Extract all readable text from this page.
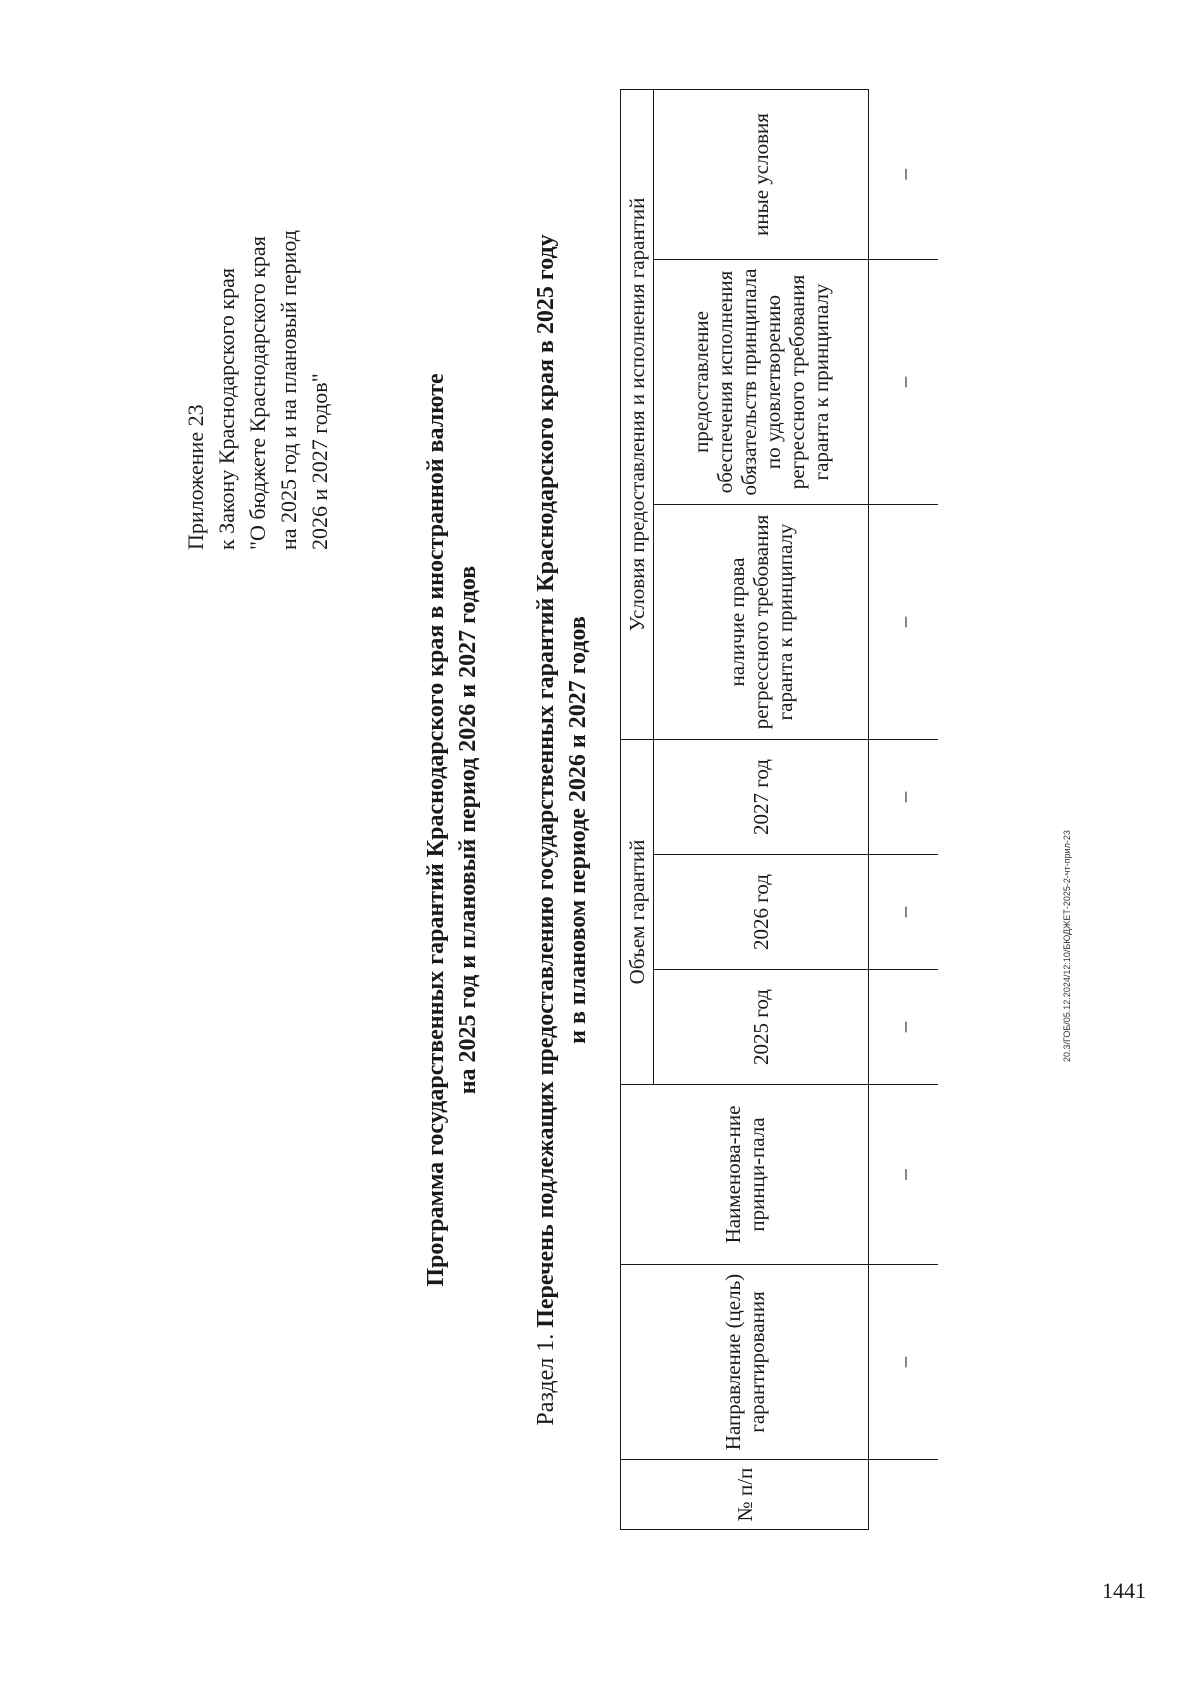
Приложение 23 к Закону Краснодарского края "О бюджете Краснодарского края на 2025 год и на плановый период 2026 и 2027 годов"	Программа государственных гарантий Краснодарского края в иностранной валюте на 2025 год и плановый период 2026 и 2027 годов
Раздел 1. Перечень подлежащих предоставлению государственных гарантий Краснодарского края в 2025 году и в плановом периоде 2026 и 2027 годов
№ п/п	Направление (цель) гарантирования	Наименова-ние принци-пала	Объем гарантий			Условия предоставления и исполнения гарантий		
			2025 год	2026 год	2027 год	наличие права регрессного требования гаранта к принципалу	предоставление обеспечения исполнения обязательств принципала по удовлетворению регрессного требования гаранта к принципалу	иные условия
	–	–	–	–	–	–	–	–
20.3/ГОБ/05.12.2024/12:10/БЮДЖЕТ-2025-2-чт-прил-23
1441
